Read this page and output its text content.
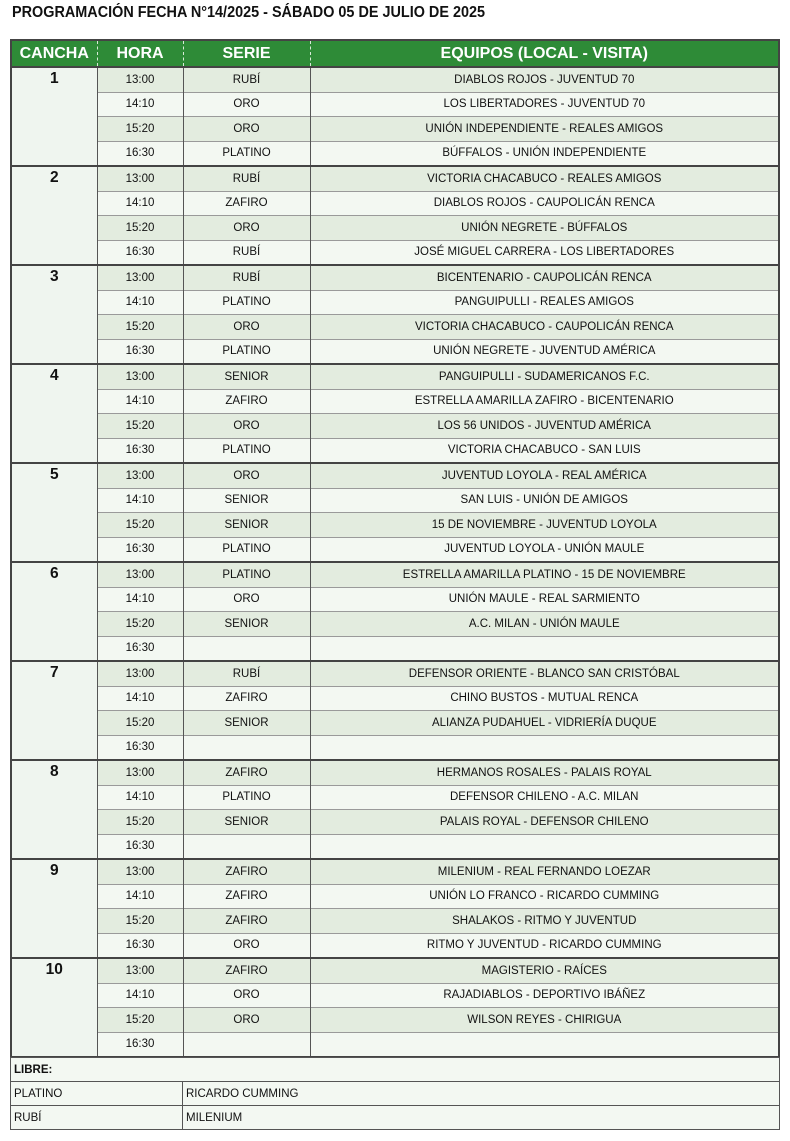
PROGRAMACIÓN FECHA N°14/2025 - SÁBADO 05 DE JULIO DE 2025
CANCHA	HORA	SERIE	EQUIPOS (LOCAL - VISITA)
1	13:00	RUBÍ	DIABLOS ROJOS - JUVENTUD 70
	14:10	ORO	LOS LIBERTADORES - JUVENTUD 70
	15:20	ORO	UNIÓN INDEPENDIENTE - REALES AMIGOS
	16:30	PLATINO	BÚFFALOS - UNIÓN INDEPENDIENTE
2	13:00	RUBÍ	VICTORIA CHACABUCO - REALES AMIGOS
	14:10	ZAFIRO	DIABLOS ROJOS - CAUPOLICÁN RENCA
	15:20	ORO	UNIÓN NEGRETE - BÚFFALOS
	16:30	RUBÍ	JOSÉ MIGUEL CARRERA - LOS LIBERTADORES
3	13:00	RUBÍ	BICENTENARIO - CAUPOLICÁN RENCA
	14:10	PLATINO	PANGUIPULLI - REALES AMIGOS
	15:20	ORO	VICTORIA CHACABUCO - CAUPOLICÁN RENCA
	16:30	PLATINO	UNIÓN NEGRETE - JUVENTUD AMÉRICA
4	13:00	SENIOR	PANGUIPULLI - SUDAMERICANOS F.C.
	14:10	ZAFIRO	ESTRELLA AMARILLA ZAFIRO - BICENTENARIO
	15:20	ORO	LOS 56 UNIDOS - JUVENTUD AMÉRICA
	16:30	PLATINO	VICTORIA CHACABUCO - SAN LUIS
5	13:00	ORO	JUVENTUD LOYOLA - REAL AMÉRICA
	14:10	SENIOR	SAN LUIS - UNIÓN DE AMIGOS
	15:20	SENIOR	15 DE NOVIEMBRE - JUVENTUD LOYOLA
	16:30	PLATINO	JUVENTUD LOYOLA - UNIÓN MAULE
6	13:00	PLATINO	ESTRELLA AMARILLA PLATINO - 15 DE NOVIEMBRE
	14:10	ORO	UNIÓN MAULE - REAL SARMIENTO
	15:20	SENIOR	A.C. MILAN - UNIÓN MAULE
	16:30		
7	13:00	RUBÍ	DEFENSOR ORIENTE - BLANCO SAN CRISTÓBAL
	14:10	ZAFIRO	CHINO BUSTOS - MUTUAL RENCA
	15:20	SENIOR	ALIANZA PUDAHUEL - VIDRIERÍA DUQUE
	16:30		
8	13:00	ZAFIRO	HERMANOS ROSALES - PALAIS ROYAL
	14:10	PLATINO	DEFENSOR CHILENO - A.C. MILAN
	15:20	SENIOR	PALAIS ROYAL - DEFENSOR CHILENO
	16:30		
9	13:00	ZAFIRO	MILENIUM - REAL FERNANDO LOEZAR
	14:10	ZAFIRO	UNIÓN LO FRANCO - RICARDO CUMMING
	15:20	ZAFIRO	SHALAKOS - RITMO Y JUVENTUD
	16:30	ORO	RITMO Y JUVENTUD - RICARDO CUMMING
10	13:00	ZAFIRO	MAGISTERIO - RAÍCES
	14:10	ORO	RAJADIABLOS - DEPORTIVO IBÁÑEZ
	15:20	ORO	WILSON REYES - CHIRIGUA
	16:30		
LIBRE:	
PLATINO	RICARDO CUMMING
RUBÍ	MILENIUM
